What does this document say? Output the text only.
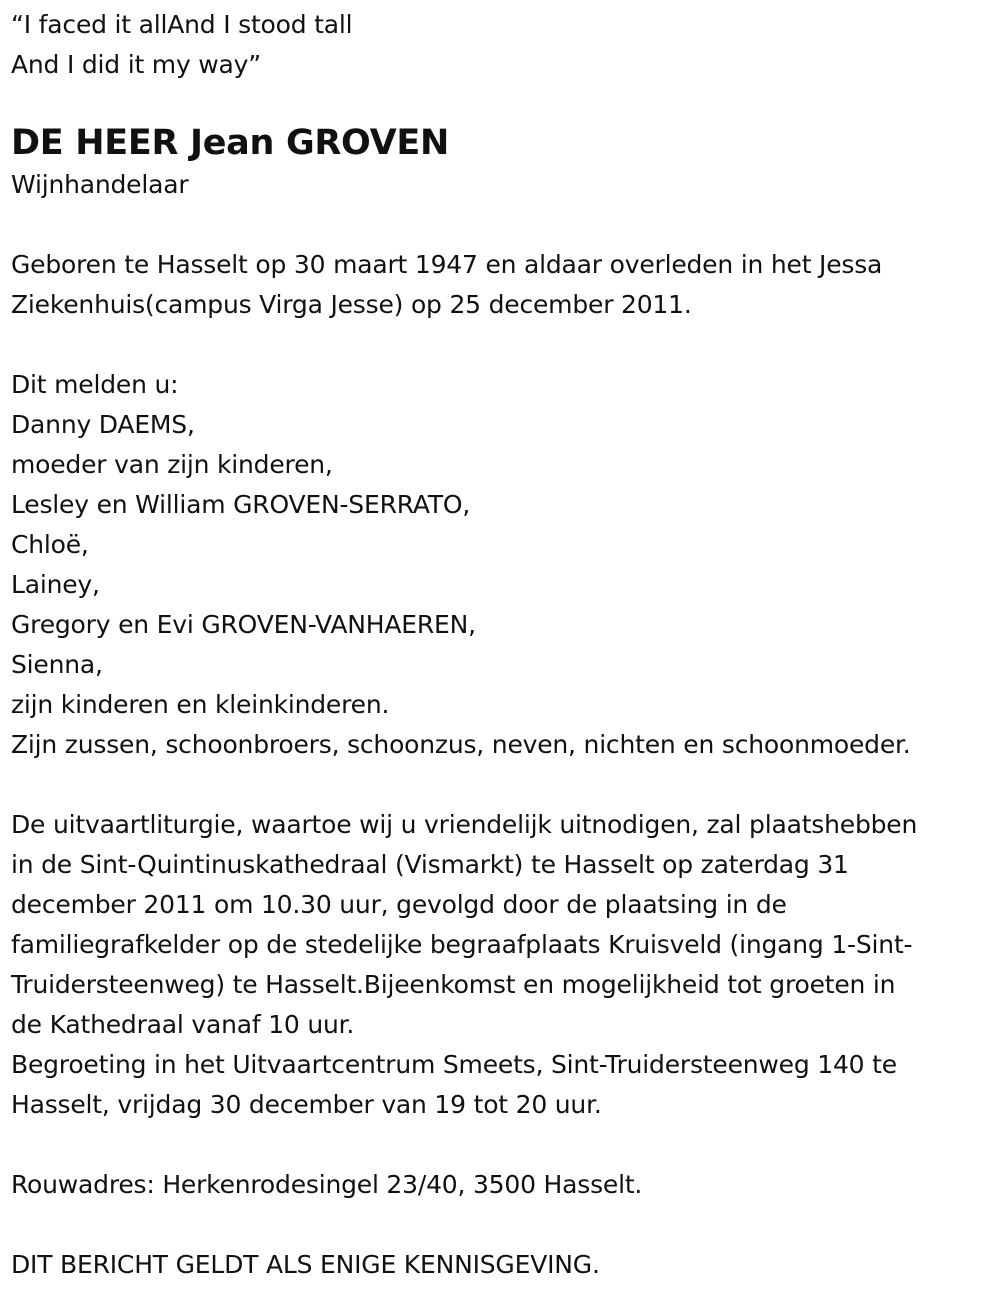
“I faced it allAnd I stood tall
And I did it my way”
DE HEER Jean GROVEN
Wijnhandelaar
Geboren te Hasselt op 30 maart 1947 en aldaar overleden in het Jessa
Ziekenhuis(campus Virga Jesse) op 25 december 2011.
Dit melden u:
Danny DAEMS,
moeder van zijn kinderen,
Lesley en William GROVEN-SERRATO,
Chloë,
Lainey,
Gregory en Evi GROVEN-VANHAEREN,
Sienna,
zijn kinderen en kleinkinderen.
Zijn zussen, schoonbroers, schoonzus, neven, nichten en schoonmoeder.
De uitvaartliturgie, waartoe wij u vriendelijk uitnodigen, zal plaatshebben
in de Sint-Quintinuskathedraal (Vismarkt) te Hasselt op zaterdag 31
december 2011 om 10.30 uur, gevolgd door de plaatsing in de
familiegrafkelder op de stedelijke begraafplaats Kruisveld (ingang 1-Sint-
Truidersteenweg) te Hasselt.Bijeenkomst en mogelijkheid tot groeten in
de Kathedraal vanaf 10 uur.
Begroeting in het Uitvaartcentrum Smeets, Sint-Truidersteenweg 140 te
Hasselt, vrijdag 30 december van 19 tot 20 uur.
Rouwadres: Herkenrodesingel 23/40, 3500 Hasselt.
DIT BERICHT GELDT ALS ENIGE KENNISGEVING.
